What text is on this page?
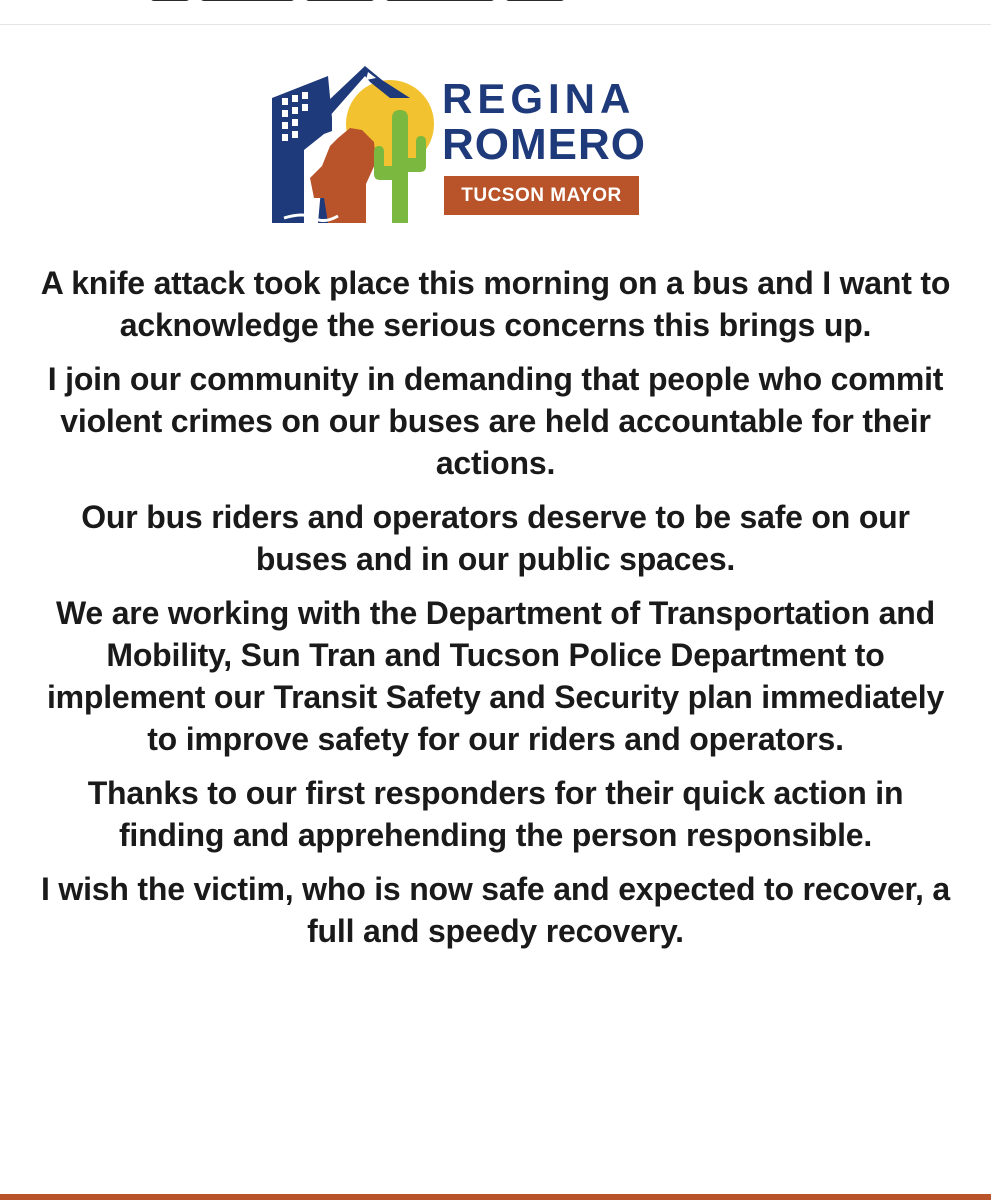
REGINA
ROMERO
TUCSON MAYOR

A knife attack took place this morning on a bus and I want to acknowledge the serious concerns this brings up.

I join our community in demanding that people who commit violent crimes on our buses are held accountable for their actions.

Our bus riders and operators deserve to be safe on our buses and in our public spaces.

We are working with the Department of Transportation and Mobility, Sun Tran and Tucson Police Department to implement our Transit Safety and Security plan immediately to improve safety for our riders and operators.

Thanks to our first responders for their quick action in finding and apprehending the person responsible.

I wish the victim, who is now safe and expected to recover, a full and speedy recovery.
